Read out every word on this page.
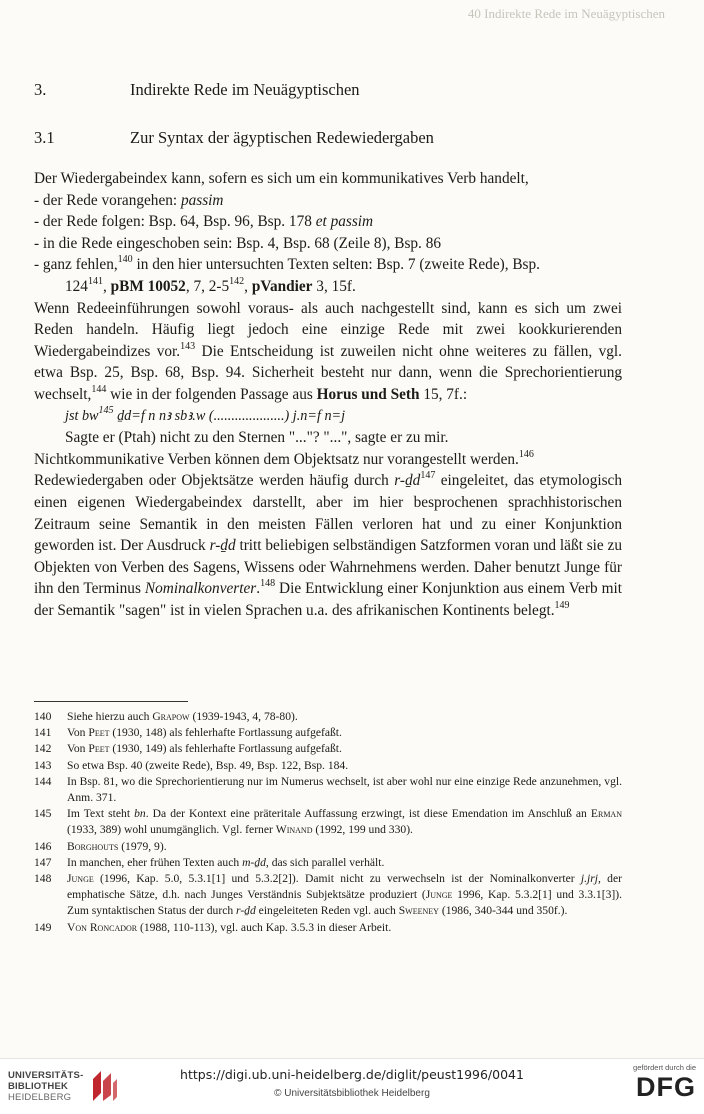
40 Indirekte Rede im Neuägyptischen
3.	Indirekte Rede im Neuägyptischen
3.1	Zur Syntax der ägyptischen Redewiedergaben

Der Wiedergabeindex kann, sofern es sich um ein kommunikatives Verb handelt,

- der Rede vorangehen: passim

- der Rede folgen: Bsp. 64, Bsp. 96, Bsp. 178 et passim

- in die Rede eingeschoben sein: Bsp. 4, Bsp. 68 (Zeile 8), Bsp. 86

- ganz fehlen,$^{140}$ in den hier untersuchten Texten selten: Bsp. 7 (zweite Rede), Bsp.

$124^{141}$, pBM 10052, 7, $2-5^{142}$, pVandier 3, 15f.

Wenn Redeeinführungen sowohl voraus- als auch nachgestellt sind, kann es sich um zwei Reden handeln. Häufig liegt jedoch eine einzige Rede mit zwei kookkurierenden Wiedergabeindizes vor.$^{143}$ Die Entscheidung ist zuweilen nicht ohne weiteres zu fällen, vgl. etwa Bsp. 25, Bsp. 68, Bsp. 94. Sicherheit besteht nur dann, wenn die Sprechorientierung wechselt,$^{144}$ wie in der folgenden Passage aus Horus und Seth 15, 7f.:

jst $bw^{145}$ ḏd=f n nꜣ sbꜣ.w (....................) j.n=f n=j

Sagte er (Ptah) nicht zu den Sternen "..."? "...", sagte er zu mir.

Nichtkommunikative Verben können dem Objektsatz nur vorangestellt werden.$^{146}$

Redewiedergaben oder Objektsätze werden häufig durch r-ḏd$^{147}$ eingeleitet, das etymologisch einen eigenen Wiedergabeindex darstellt, aber im hier besprochenen sprachhistorischen Zeitraum seine Semantik in den meisten Fällen verloren hat und zu einer Konjunktion geworden ist. Der Ausdruck r-ḏd tritt beliebigen selbständigen Satzformen voran und läßt sie zu Objekten von Verben des Sagens, Wissens oder Wahrnehmens werden. Daher benutzt Junge für ihn den Terminus Nominalkonverter.$^{148}$ Die Entwicklung einer Konjunktion aus einem Verb mit der Semantik "sagen" ist in vielen Sprachen u.a. des afrikanischen Kontinents belegt.$^{149}$

140	Siehe hierzu auch Grapow (1939-1943, 4, 78-80).
141	Von Peet (1930, 148) als fehlerhafte Fortlassung aufgefaßt.
142	Von Peet (1930, 149) als fehlerhafte Fortlassung aufgefaßt.
143	So etwa Bsp. 40 (zweite Rede), Bsp. 49, Bsp. 122, Bsp. 184.
144	In Bsp. 81, wo die Sprechorientierung nur im Numerus wechselt, ist aber wohl nur eine einzige Rede anzunehmen, vgl. Anm. 371.
145	Im Text steht bn. Da der Kontext eine präteritale Auffassung erzwingt, ist diese Emendation im Anschluß an Erman (1933, 389) wohl unumgänglich. Vgl. ferner Winand (1992, 199 und 330).
146	Borghouts (1979, 9).
147	In manchen, eher frühen Texten auch m-ḏd, das sich parallel verhält.
148	Junge (1996, Kap. 5.0, 5.3.1[1] und 5.3.2[2]). Damit nicht zu verwechseln ist der Nominalkonverter j.jrj, der emphatische Sätze, d.h. nach Junges Verständnis Subjektsätze produziert (Junge 1996, Kap. 5.3.2[1] und 3.3.1[3]). Zum syntaktischen Status der durch r-ḏd eingeleiteten Reden vgl. auch Sweeney (1986, 340-344 und 350f.).
149	Von Roncador (1988, 110-113), vgl. auch Kap. 3.5.3 in dieser Arbeit.
UNIVERSITÄTS-
BIBLIOTHEK
HEIDELBERG
https://digi.ub.uni-heidelberg.de/diglit/peust1996/0041
© Universitätsbibliothek Heidelberg
gefördert durch die
DFG
